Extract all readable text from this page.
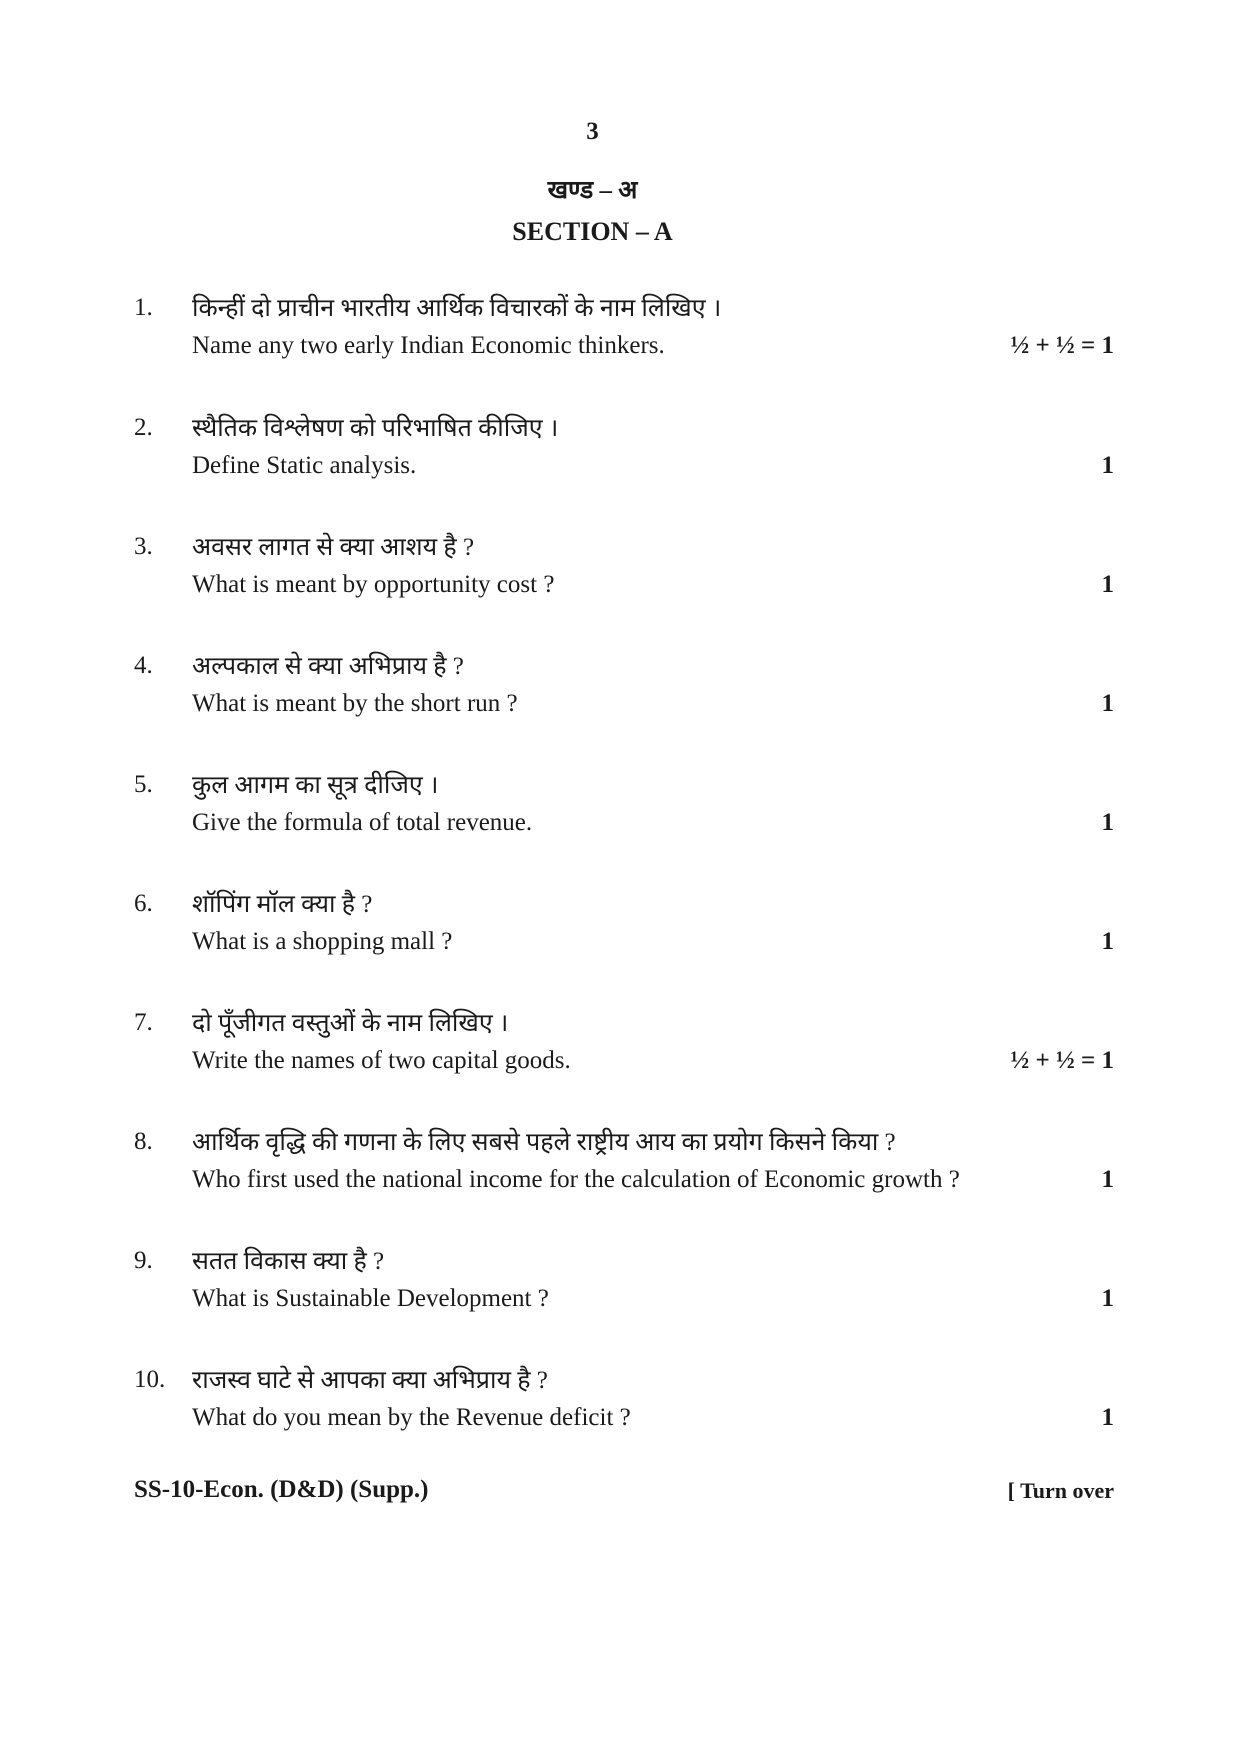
3
खण्ड – अ
SECTION – A
1. किन्हीं दो प्राचीन भारतीय आर्थिक विचारकों के नाम लिखिए ।
Name any two early Indian Economic thinkers.	½ + ½ = 1
2. स्थैतिक विश्लेषण को परिभाषित कीजिए ।
Define Static analysis.	1
3. अवसर लागत से क्या आशय है ?
What is meant by opportunity cost ?	1
4. अल्पकाल से क्या अभिप्राय है ?
What is meant by the short run ?	1
5. कुल आगम का सूत्र दीजिए ।
Give the formula of total revenue.	1
6. शॉपिंग मॉल क्या है ?
What is a shopping mall ?	1
7. दो पूँजीगत वस्तुओं के नाम लिखिए ।
Write the names of two capital goods.	½ + ½ = 1
8. आर्थिक वृद्धि की गणना के लिए सबसे पहले राष्ट्रीय आय का प्रयोग किसने किया ?
Who first used the national income for the calculation of Economic growth ?	1
9. सतत विकास क्या है ?
What is Sustainable Development ?	1
10. राजस्व घाटे से आपका क्या अभिप्राय है ?
What do you mean by the Revenue deficit ?	1
SS-10-Econ. (D&D) (Supp.)	[ Turn over
